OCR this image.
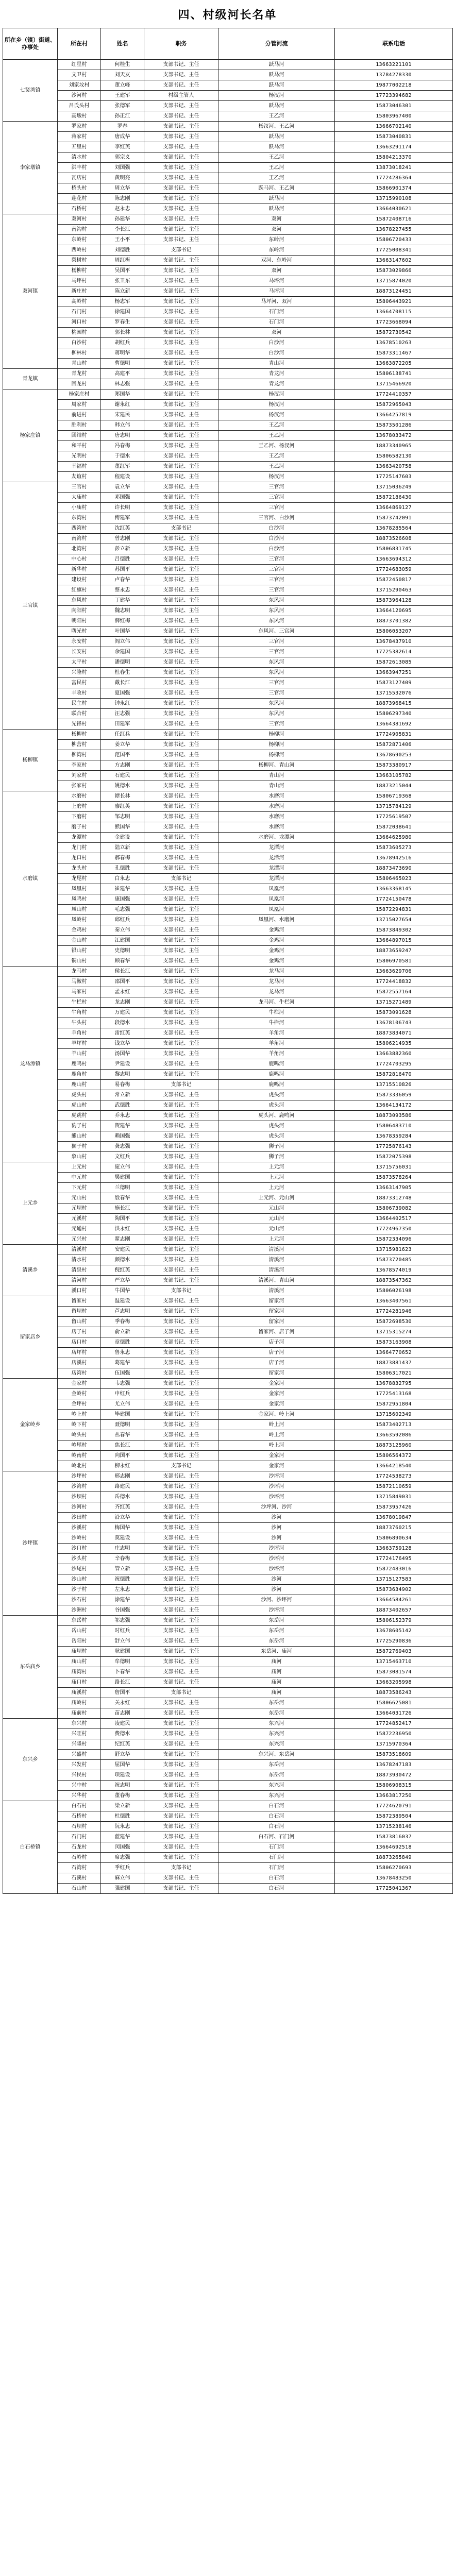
四、村级河长名单
所在乡（镇）街道、办事处	所在村	姓名	职务	分管河流	联系电话
七贤湾镇	红星村	何桂生	支部书记、主任	跃马河	13663221101
	文卫村	刘天友	支部书记、主任	跃马河	13784278330
	刘家坟村	董立峰	支部书记、主任	跃马河	19877002218
	沙河村	王建军	村级主管人	杨汊河	17723394682
	吕氏头村	张德军	支部书记、主任	跃马河	15873046301
	高墩村	孙正江	支部书记、主任	王乙河	15803967400
李家墩镇	罗家村	罗春	支部书记、主任	杨汊河、王乙河	13666702140
	蒋家村	唐成华	支部书记、主任	跃马河	15873040831
	五里村	李红英	支部书记、主任	跃马河	13663291174
	清水村	郭宗义	支部书记、主任	王乙河	15804213370
	洪丰村	刘国强	支部书记、主任	王乙河	13873018241
	瓦店村	黄明亮	支部书记、主任	王乙河	17724286364
	桥头村	周立华	支部书记、主任	跃马河、王乙河	15866901374
	莲花村	陈志刚	支部书记、主任	跃马河	13715990108
	石桥村	赵永忠	支部书记、主任	跃马河	13664030621
双河镇	双河村	孙建华	支部书记、主任	双河	15872408716
	南沟村	李长江	支部书记、主任	双河	13678227455
	东岭村	王小平	支部书记、主任	东岭河	15806720433
	西岭村	刘德胜	支部书记	东岭河	17725008341
	梨树村	周红梅	支部书记、主任	双河、东岭河	13663147602
	杨柳村	吴国平	支部书记、主任	双河	15873029866
	马坪村	张卫东	支部书记、主任	马坪河	13715874020
	新庄村	陈立新	支部书记、主任	马坪河	18873124451
	高岭村	杨志军	支部书记、主任	马坪河、双河	15806443921
	石门村	徐建国	支部书记、主任	石门河	13664708115
	河口村	罗春生	支部书记、主任	石门河	17723668094
	桃园村	郭长林	支部书记、主任	双河	15872730542
	白沙村	胡红兵	支部书记、主任	白沙河	13678510263
	柳林村	蒋明华	支部书记、主任	白沙河	15873311467
	青山村	曹德明	支部书记、主任	青山河	13663872205
青龙镇	青龙村	高建平	支部书记、主任	青龙河	15806138741
	回龙村	林志强	支部书记、主任	青龙河	13715466920
杨家庄镇	杨家庄村	郑国华	支部书记、主任	杨汊河	17724410357
	周家村	谢永红	支部书记、主任	杨汊河	15872965043
	前进村	宋建民	支部书记、主任	杨汊河	13664257819
	胜利村	韩立伟	支部书记、主任	王乙河	15873501286
	团结村	唐志明	支部书记、主任	王乙河	13678033472
	和平村	冯春梅	支部书记、主任	王乙河、杨汊河	18873340965
	光明村	于德水	支部书记、主任	王乙河	15806582130
	幸福村	董红军	支部书记、主任	王乙河	13663420758
	友谊村	程建设	支部书记、主任	杨汊河	17725147603
三官镇	三官村	袁立华	支部书记、主任	三官河	13715036249
	大庙村	邓国强	支部书记、主任	三官河	15872186430
	小庙村	许长明	支部书记、主任	三官河	13664869127
	东湾村	傅建军	支部书记、主任	三官河、白沙河	15873742091
	西湾村	沈红英	支部书记	白沙河	13678285564
	南湾村	曾志刚	支部书记、主任	白沙河	18873526608
	北湾村	彭立新	支部书记、主任	白沙河	15806831745
	中心村	吕德胜	支部书记、主任	三官河	13663694312
	新华村	苏国平	支部书记、主任	三官河	17724683059
	建设村	卢春华	支部书记、主任	三官河	15872450817
	红旗村	蔡永忠	支部书记、主任	三官河	13715290463
	东风村	丁建华	支部书记、主任	东风河	15873964128
	向阳村	魏志明	支部书记、主任	东风河	13664120695
	朝阳村	薛红梅	支部书记、主任	东风河	18873701382
	曙光村	叶国华	支部书记、主任	东风河、三官河	15806053207
	永安村	阎立伟	支部书记、主任	三官河	13678437910
	长安村	余建国	支部书记、主任	三官河	17725382614
	太平村	潘德明	支部书记、主任	东风河	15872613085
	兴隆村	杜春生	支部书记、主任	东风河	13663947251
	富民村	戴长江	支部书记、主任	三官河	15873127409
	丰收村	夏国强	支部书记、主任	三官河	13715532076
	民主村	钟永红	支部书记、主任	东风河	18873968415
	联合村	汪志强	支部书记、主任	东风河	15806297340
	先锋村	田建军	支部书记、主任	三官河	13664381692
杨柳镇	杨柳村	任红兵	支部书记、主任	杨柳河	17724905831
	柳营村	姜立华	支部书记、主任	杨柳河	15872871406
	柳湾村	范国平	支部书记、主任	杨柳河	13678690253
	李家村	方志刚	支部书记、主任	杨柳河、青山河	15873380917
	刘家村	石建民	支部书记、主任	青山河	13663105782
	张家村	姚德水	支部书记、主任	青山河	18873215044
水磨镇	水磨村	谭长林	支部书记、主任	水磨河	15806719368
	上磨村	廖红英	支部书记、主任	水磨河	13715784129
	下磨村	邹志明	支部书记、主任	水磨河	17725619507
	磨子村	熊国华	支部书记、主任	水磨河	15872038641
	龙潭村	金建设	支部书记、主任	水磨河、龙潭河	13664625980
	龙门村	陆立新	支部书记、主任	龙潭河	15873605273
	龙口村	郝春梅	支部书记、主任	龙潭河	13678942516
	龙头村	孔德胜	支部书记、主任	龙潭河	18873473690
	龙尾村	白永忠	支部书记	龙潭河	15806465023
	凤凰村	崔建华	支部书记、主任	凤凰河	13663368145
	凤鸣村	康国强	支部书记、主任	凤凰河	17724150478
	凤山村	毛志强	支部书记、主任	凤凰河	15872294831
	凤岭村	邱红兵	支部书记、主任	凤凰河、水磨河	13715027654
	金鸡村	秦立伟	支部书记、主任	金鸡河	15873849302
	金山村	江建国	支部书记、主任	金鸡河	13664897015
	银山村	史德明	支部书记、主任	金鸡河	18873659247
	铜山村	顾春华	支部书记、主任	金鸡河	15806970581
龙马潭镇	龙马村	侯长江	支部书记、主任	龙马河	13663629706
	马鞍村	邵国平	支部书记、主任	龙马河	17724418832
	马家村	孟永红	支部书记、主任	龙马河	15872557164
	牛栏村	龙志刚	支部书记、主任	龙马河、牛栏河	13715271489
	牛角村	万建民	支部书记、主任	牛栏河	15873091628
	牛头村	段德水	支部书记、主任	牛栏河	13678106743
	羊角村	雷红英	支部书记、主任	羊角河	18873834071
	羊坪村	钱立华	支部书记、主任	羊角河	15806214935
	羊山村	汤国华	支部书记、主任	羊角河	13663882360
	鹿鸣村	尹建设	支部书记、主任	鹿鸣河	17724703295
	鹿角村	黎志明	支部书记、主任	鹿鸣河	15872816470
	鹿山村	易春梅	支部书记	鹿鸣河	13715510826
	虎头村	常立新	支部书记、主任	虎头河	15873336059
	虎山村	武德胜	支部书记、主任	虎头河	13664134172
	虎跳村	乔永忠	支部书记、主任	虎头河、鹿鸣河	18873093586
	豹子村	贺建华	支部书记、主任	虎头河	15806483710
	熊山村	赖国强	支部书记、主任	虎头河	13678359284
	狮子村	龚志强	支部书记、主任	狮子河	17725876143
	象山村	文红兵	支部书记、主任	狮子河	15872075398
上元乡	上元村	庞立伟	支部书记、主任	上元河	13715756031
	中元村	樊建国	支部书记、主任	上元河	15873578264
	下元村	兰德明	支部书记、主任	上元河	13663147905
	元山村	殷春华	支部书记、主任	上元河、元山河	18873312748
	元坝村	施长江	支部书记、主任	元山河	15806739082
	元溪村	陶国平	支部书记、主任	元山河	13664402517
	元通村	洪永红	支部书记、主任	元山河	17724967350
	元兴村	翟志刚	支部书记、主任	上元河	15872334096
清溪乡	清溪村	安建民	支部书记、主任	清溪河	13715981623
	清水村	颜德水	支部书记、主任	清溪河	15873720485
	清泉村	倪红英	支部书记、主任	清溪河	13678574019
	清河村	严立华	支部书记、主任	清溪河、青山河	18873547362
	溪口村	牛国华	支部书记	清溪河	15806026198
留家店乡	留家村	温建设	支部书记、主任	留家河	13663407561
	留坝村	芦志明	支部书记、主任	留家河	17724281946
	留山村	季春梅	支部书记、主任	留家河	15872698530
	店子村	俞立新	支部书记、主任	留家河、店子河	13715315274
	店口村	章德胜	支部书记、主任	店子河	15873163908
	店坪村	鲁永忠	支部书记、主任	店子河	13664770652
	店溪村	葛建华	支部书记、主任	店子河	18873881437
	店湾村	伍国强	支部书记、主任	留家河	15806317021
金家岭乡	金家村	韦志强	支部书记、主任	金家河	13678832795
	金岭村	申红兵	支部书记、主任	金家河	17725413168
	金坪村	尤立伟	支部书记、主任	金家河	15872951804
	岭上村	毕建国	支部书记、主任	金家河、岭上河	13715602349
	岭下村	聂德明	支部书记、主任	岭上河	15873402713
	岭头村	丛春华	支部书记、主任	岭上河	13663592086
	岭尾村	焦长江	支部书记、主任	岭上河	18873125960
	岭南村	向国平	支部书记、主任	金家河	15806564372
	岭北村	柳永红	支部书记	金家河	13664218540
沙坪镇	沙坪村	邢志刚	支部书记、主任	沙坪河	17724538273
	沙湾村	路建民	支部书记、主任	沙坪河	15872110659
	沙坝村	岳德水	支部书记、主任	沙坪河	13715849031
	沙河村	齐红英	支部书记、主任	沙坪河、沙河	15873957426
	沙田村	沿立华	支部书记、主任	沙河	13678019847
	沙溪村	梅国华	支部书记、主任	沙河	18873760215
	沙岭村	莫建设	支部书记、主任	沙河	15806890634
	沙口村	庄志明	支部书记、主任	沙坪河	13663759128
	沙头村	辛春梅	支部书记、主任	沙坪河	17724176495
	沙尾村	管立新	支部书记、主任	沙坪河	15872483016
	沙山村	祝德胜	支部书记、主任	沙河	13715127583
	沙子村	左永忠	支部书记、主任	沙河	15873634902
	沙石村	涂建华	支部书记、主任	沙河、沙坪河	13664584261
	沙洲村	谷国强	支部书记、主任	沙坪河	18873402657
东岳庙乡	东岳村	祁志强	支部书记、主任	东岳河	15806152379
	岳山村	时红兵	支部书记、主任	东岳河	13678605142
	岳阳村	舒立伟	支部书记、主任	东岳河	17725290836
	庙坝村	耿建国	支部书记、主任	东岳河、庙河	15872769403
	庙山村	牟德明	支部书记、主任	庙河	13715463710
	庙湾村	卜春华	支部书记、主任	庙河	15873081574
	庙口村	路长江	支部书记、主任	庙河	13663205998
	庙溪村	詹国平	支部书记	庙河	18873586243
	庙岭村	关永红	支部书记、主任	东岳河	15806625081
	庙前村	苗志刚	支部书记、主任	东岳河	13664031726
东兴乡	东兴村	凌建民	支部书记、主任	东兴河	17724852417
	兴旺村	费德水	支部书记、主任	东兴河	15872236950
	兴隆村	纪红英	支部书记、主任	东兴河	13715970364
	兴盛村	舒立华	支部书记、主任	东兴河、东岳河	15873518609
	兴发村	屈国华	支部书记、主任	东岳河	13678247183
	兴民村	项建设	支部书记、主任	东岳河	18873930472
	兴中村	祝志明	支部书记、主任	东兴河	15806908315
	兴华村	董春梅	支部书记、主任	东兴河	13663817250
白石桥镇	白石村	梁立新	支部书记、主任	白石河	17724620791
	石桥村	杜德胜	支部书记、主任	白石河	15872389504
	石坝村	阮永忠	支部书记、主任	白石河	13715238146
	石门村	蓝建华	支部书记、主任	白石河、石门河	15873816037
	石龙村	闵国强	支部书记、主任	石门河	13664692518
	石岭村	席志强	支部书记、主任	石门河	18873265849
	石湾村	季红兵	支部书记	石门河	15806270693
	石溪村	麻立伟	支部书记、主任	白石河	13678483250
	石山村	强建国	支部书记、主任	白石河	17725041367
